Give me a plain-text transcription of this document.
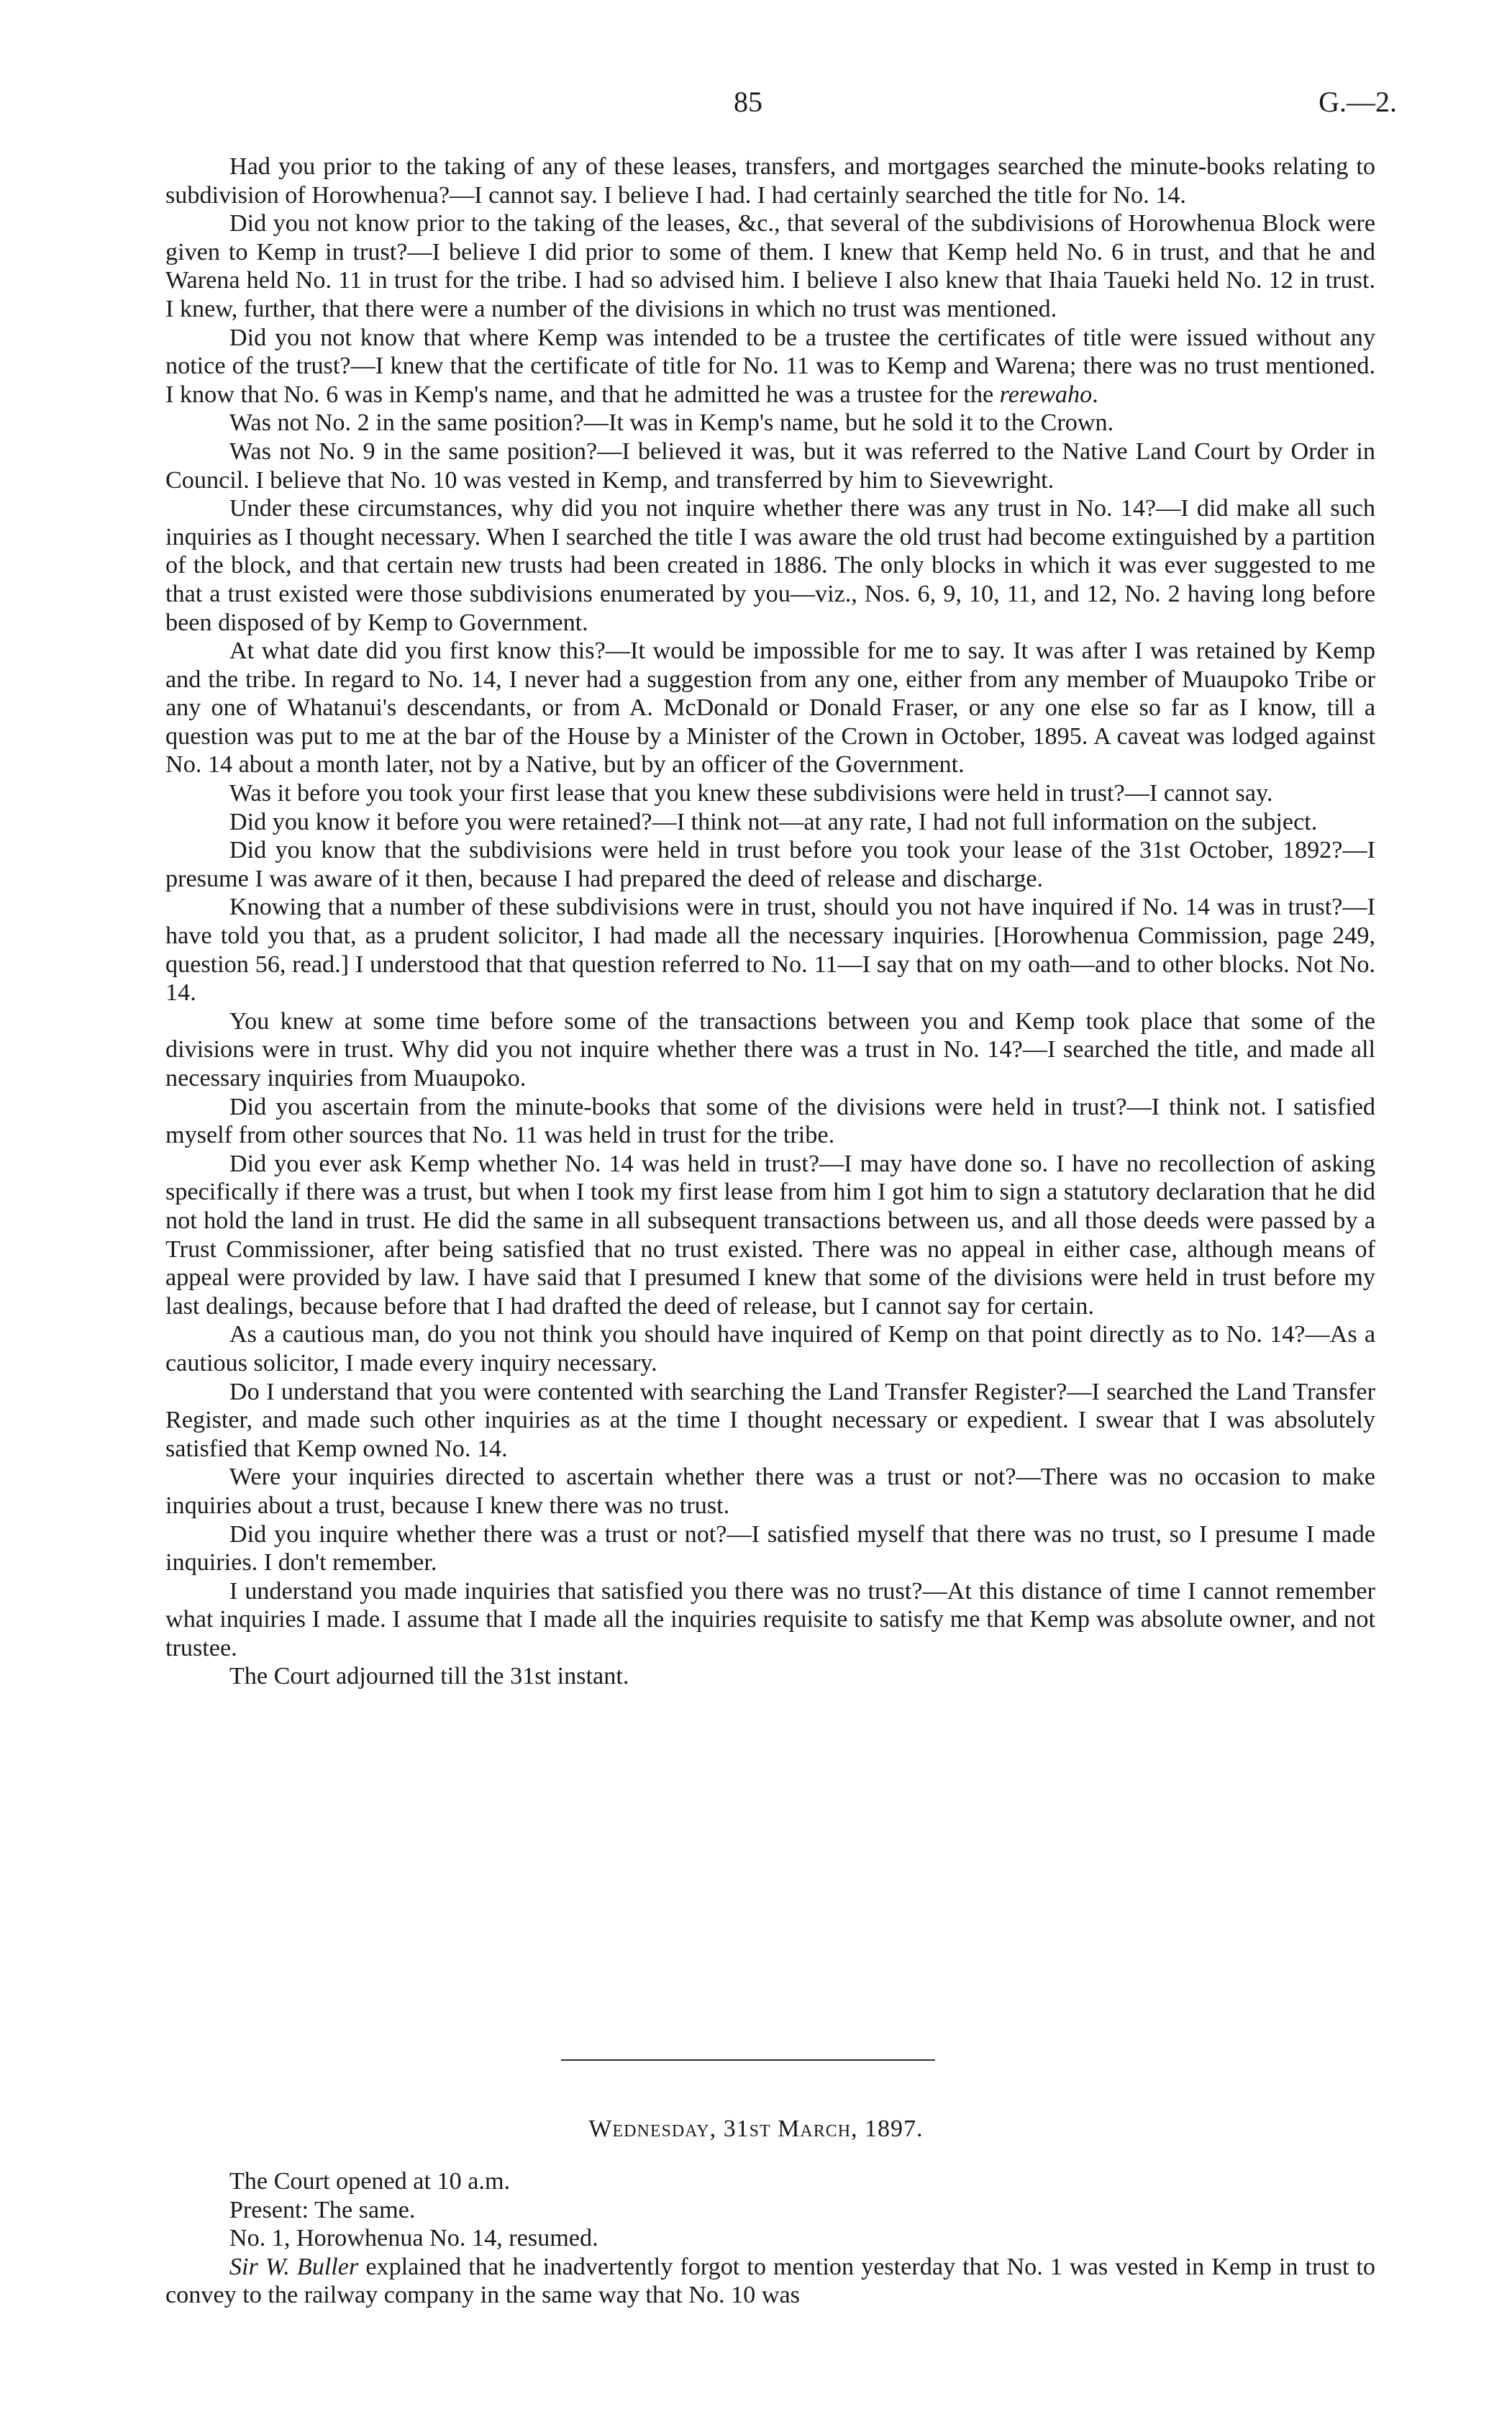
85	G.—2.

Had you prior to the taking of any of these leases, transfers, and mortgages searched the minute-books relating to subdivision of Horowhenua?—I cannot say. I believe I had. I had certainly searched the title for No. 14.

Did you not know prior to the taking of the leases, &c., that several of the subdivisions of Horowhenua Block were given to Kemp in trust?—I believe I did prior to some of them. I knew that Kemp held No. 6 in trust, and that he and Warena held No. 11 in trust for the tribe. I had so advised him. I believe I also knew that Ihaia Taueki held No. 12 in trust. I knew, further, that there were a number of the divisions in which no trust was mentioned.

Did you not know that where Kemp was intended to be a trustee the certificates of title were issued without any notice of the trust?—I knew that the certificate of title for No. 11 was to Kemp and Warena; there was no trust mentioned. I know that No. 6 was in Kemp's name, and that he admitted he was a trustee for the rerewaho.

Was not No. 2 in the same position?—It was in Kemp's name, but he sold it to the Crown.

Was not No. 9 in the same position?—I believed it was, but it was referred to the Native Land Court by Order in Council. I believe that No. 10 was vested in Kemp, and transferred by him to Sievewright.

Under these circumstances, why did you not inquire whether there was any trust in No. 14?—I did make all such inquiries as I thought necessary. When I searched the title I was aware the old trust had become extinguished by a partition of the block, and that certain new trusts had been created in 1886. The only blocks in which it was ever suggested to me that a trust existed were those subdivisions enumerated by you—viz., Nos. 6, 9, 10, 11, and 12, No. 2 having long before been disposed of by Kemp to Government.

At what date did you first know this?—It would be impossible for me to say. It was after I was retained by Kemp and the tribe. In regard to No. 14, I never had a suggestion from any one, either from any member of Muaupoko Tribe or any one of Whatanui's descendants, or from A. McDonald or Donald Fraser, or any one else so far as I know, till a question was put to me at the bar of the House by a Minister of the Crown in October, 1895. A caveat was lodged against No. 14 about a month later, not by a Native, but by an officer of the Government.

Was it before you took your first lease that you knew these subdivisions were held in trust?—I cannot say.

Did you know it before you were retained?—I think not—at any rate, I had not full information on the subject.

Did you know that the subdivisions were held in trust before you took your lease of the 31st October, 1892?—I presume I was aware of it then, because I had prepared the deed of release and discharge.

Knowing that a number of these subdivisions were in trust, should you not have inquired if No. 14 was in trust?—I have told you that, as a prudent solicitor, I had made all the necessary inquiries. [Horowhenua Commission, page 249, question 56, read.] I understood that that question referred to No. 11—I say that on my oath—and to other blocks. Not No. 14.

You knew at some time before some of the transactions between you and Kemp took place that some of the divisions were in trust. Why did you not inquire whether there was a trust in No. 14?—I searched the title, and made all necessary inquiries from Muaupoko.

Did you ascertain from the minute-books that some of the divisions were held in trust?—I think not. I satisfied myself from other sources that No. 11 was held in trust for the tribe.

Did you ever ask Kemp whether No. 14 was held in trust?—I may have done so. I have no recollection of asking specifically if there was a trust, but when I took my first lease from him I got him to sign a statutory declaration that he did not hold the land in trust. He did the same in all subsequent transactions between us, and all those deeds were passed by a Trust Commissioner, after being satisfied that no trust existed. There was no appeal in either case, although means of appeal were provided by law. I have said that I presumed I knew that some of the divisions were held in trust before my last dealings, because before that I had drafted the deed of release, but I cannot say for certain.

As a cautious man, do you not think you should have inquired of Kemp on that point directly as to No. 14?—As a cautious solicitor, I made every inquiry necessary.

Do I understand that you were contented with searching the Land Transfer Register?—I searched the Land Transfer Register, and made such other inquiries as at the time I thought necessary or expedient. I swear that I was absolutely satisfied that Kemp owned No. 14.

Were your inquiries directed to ascertain whether there was a trust or not?—There was no occasion to make inquiries about a trust, because I knew there was no trust.

Did you inquire whether there was a trust or not?—I satisfied myself that there was no trust, so I presume I made inquiries. I don't remember.

I understand you made inquiries that satisfied you there was no trust?—At this distance of time I cannot remember what inquiries I made. I assume that I made all the inquiries requisite to satisfy me that Kemp was absolute owner, and not trustee.

The Court adjourned till the 31st instant.

Wednesday, 31st March, 1897.

The Court opened at 10 a.m.

Present: The same.

No. 1, Horowhenua No. 14, resumed.

Sir W. Buller explained that he inadvertently forgot to mention yesterday that No. 1 was vested in Kemp in trust to convey to the railway company in the same way that No. 10 was
